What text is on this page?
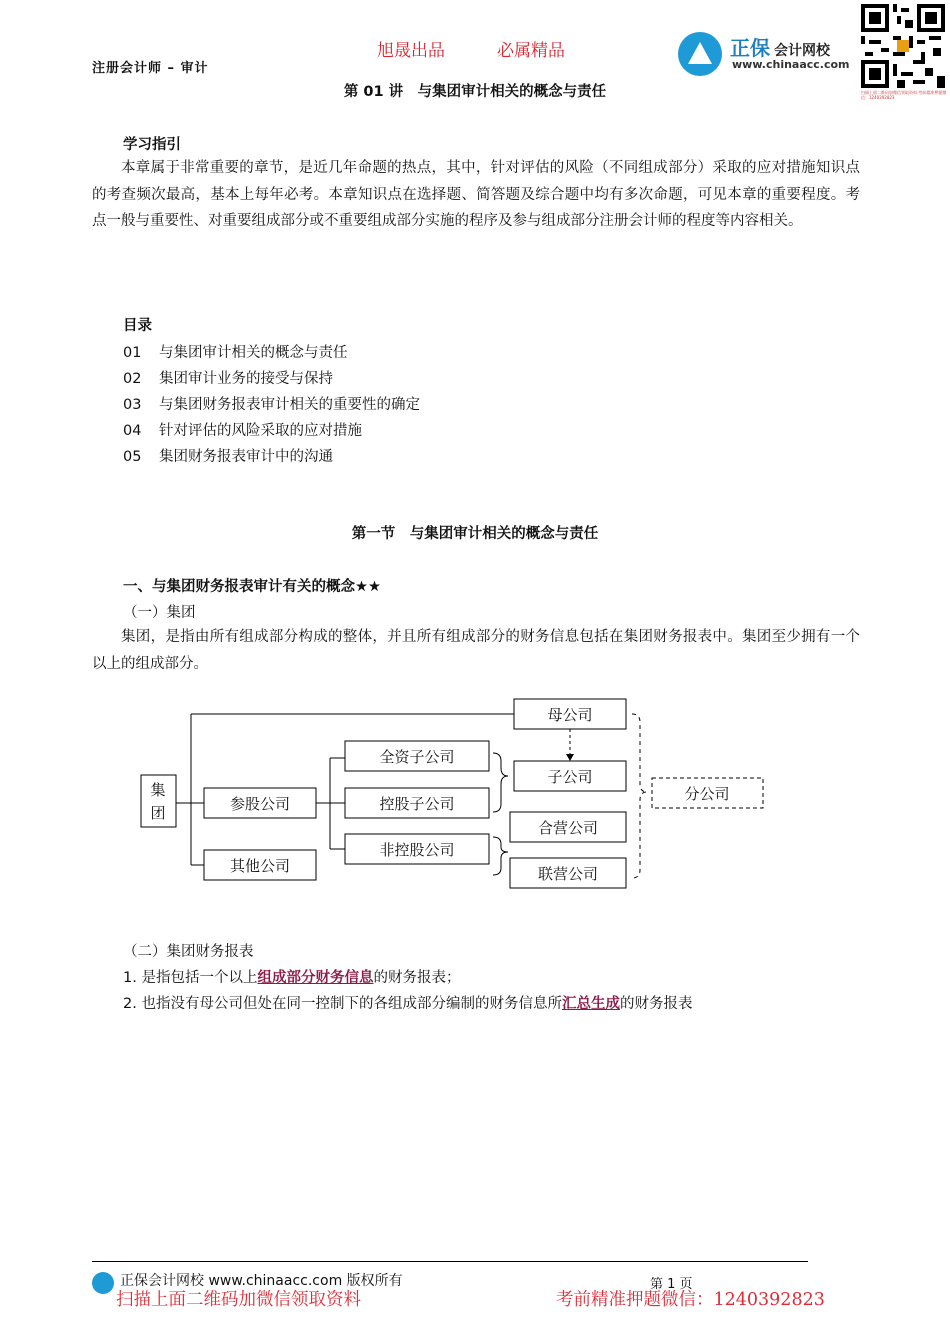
注册会计师 – 审计
旭晟出品	必属精品	正保 会计网校
www.chinaacc.com
扫描上面二维码加微信领取资料 考前精准押题微信：1240392823
第 01 讲　与集团审计相关的概念与责任
学习指引

本章属于非常重要的章节，是近几年命题的热点，其中，针对评估的风险（不同组成部分）采取的应对措施知识点的考查频次最高，基本上每年必考。本章知识点在选择题、简答题及综合题中均有多次命题，可见本章的重要程度。考点一般与重要性、对重要组成部分或不重要组成部分实施的程序及参与组成部分注册会计师的程度等内容相关。

目录
01 与集团审计相关的概念与责任
02 集团审计业务的接受与保持
03 与集团财务报表审计相关的重要性的确定
04 针对评估的风险采取的应对措施
05 集团财务报表审计中的沟通
第一节　与集团审计相关的概念与责任
一、与集团财务报表审计有关的概念★★
（一）集团

集团，是指由所有组成部分构成的整体，并且所有组成部分的财务信息包括在集团财务报表中。集团至少拥有一个以上的组成部分。

集
团	参股公司
其他公司
全资子公司
控股子公司
非控股公司
母公司
子公司
合营公司
联营公司
分公司
（二）集团财务报表
1. 是指包括一个以上组成部分财务信息的财务报表；
2. 也指没有母公司但处在同一控制下的各组成部分编制的财务信息所汇总生成的财务报表
正保会计网校 www.chinaacc.com 版权所有	第 1 页
扫描上面二维码加微信领取资料	考前精准押题微信：1240392823
